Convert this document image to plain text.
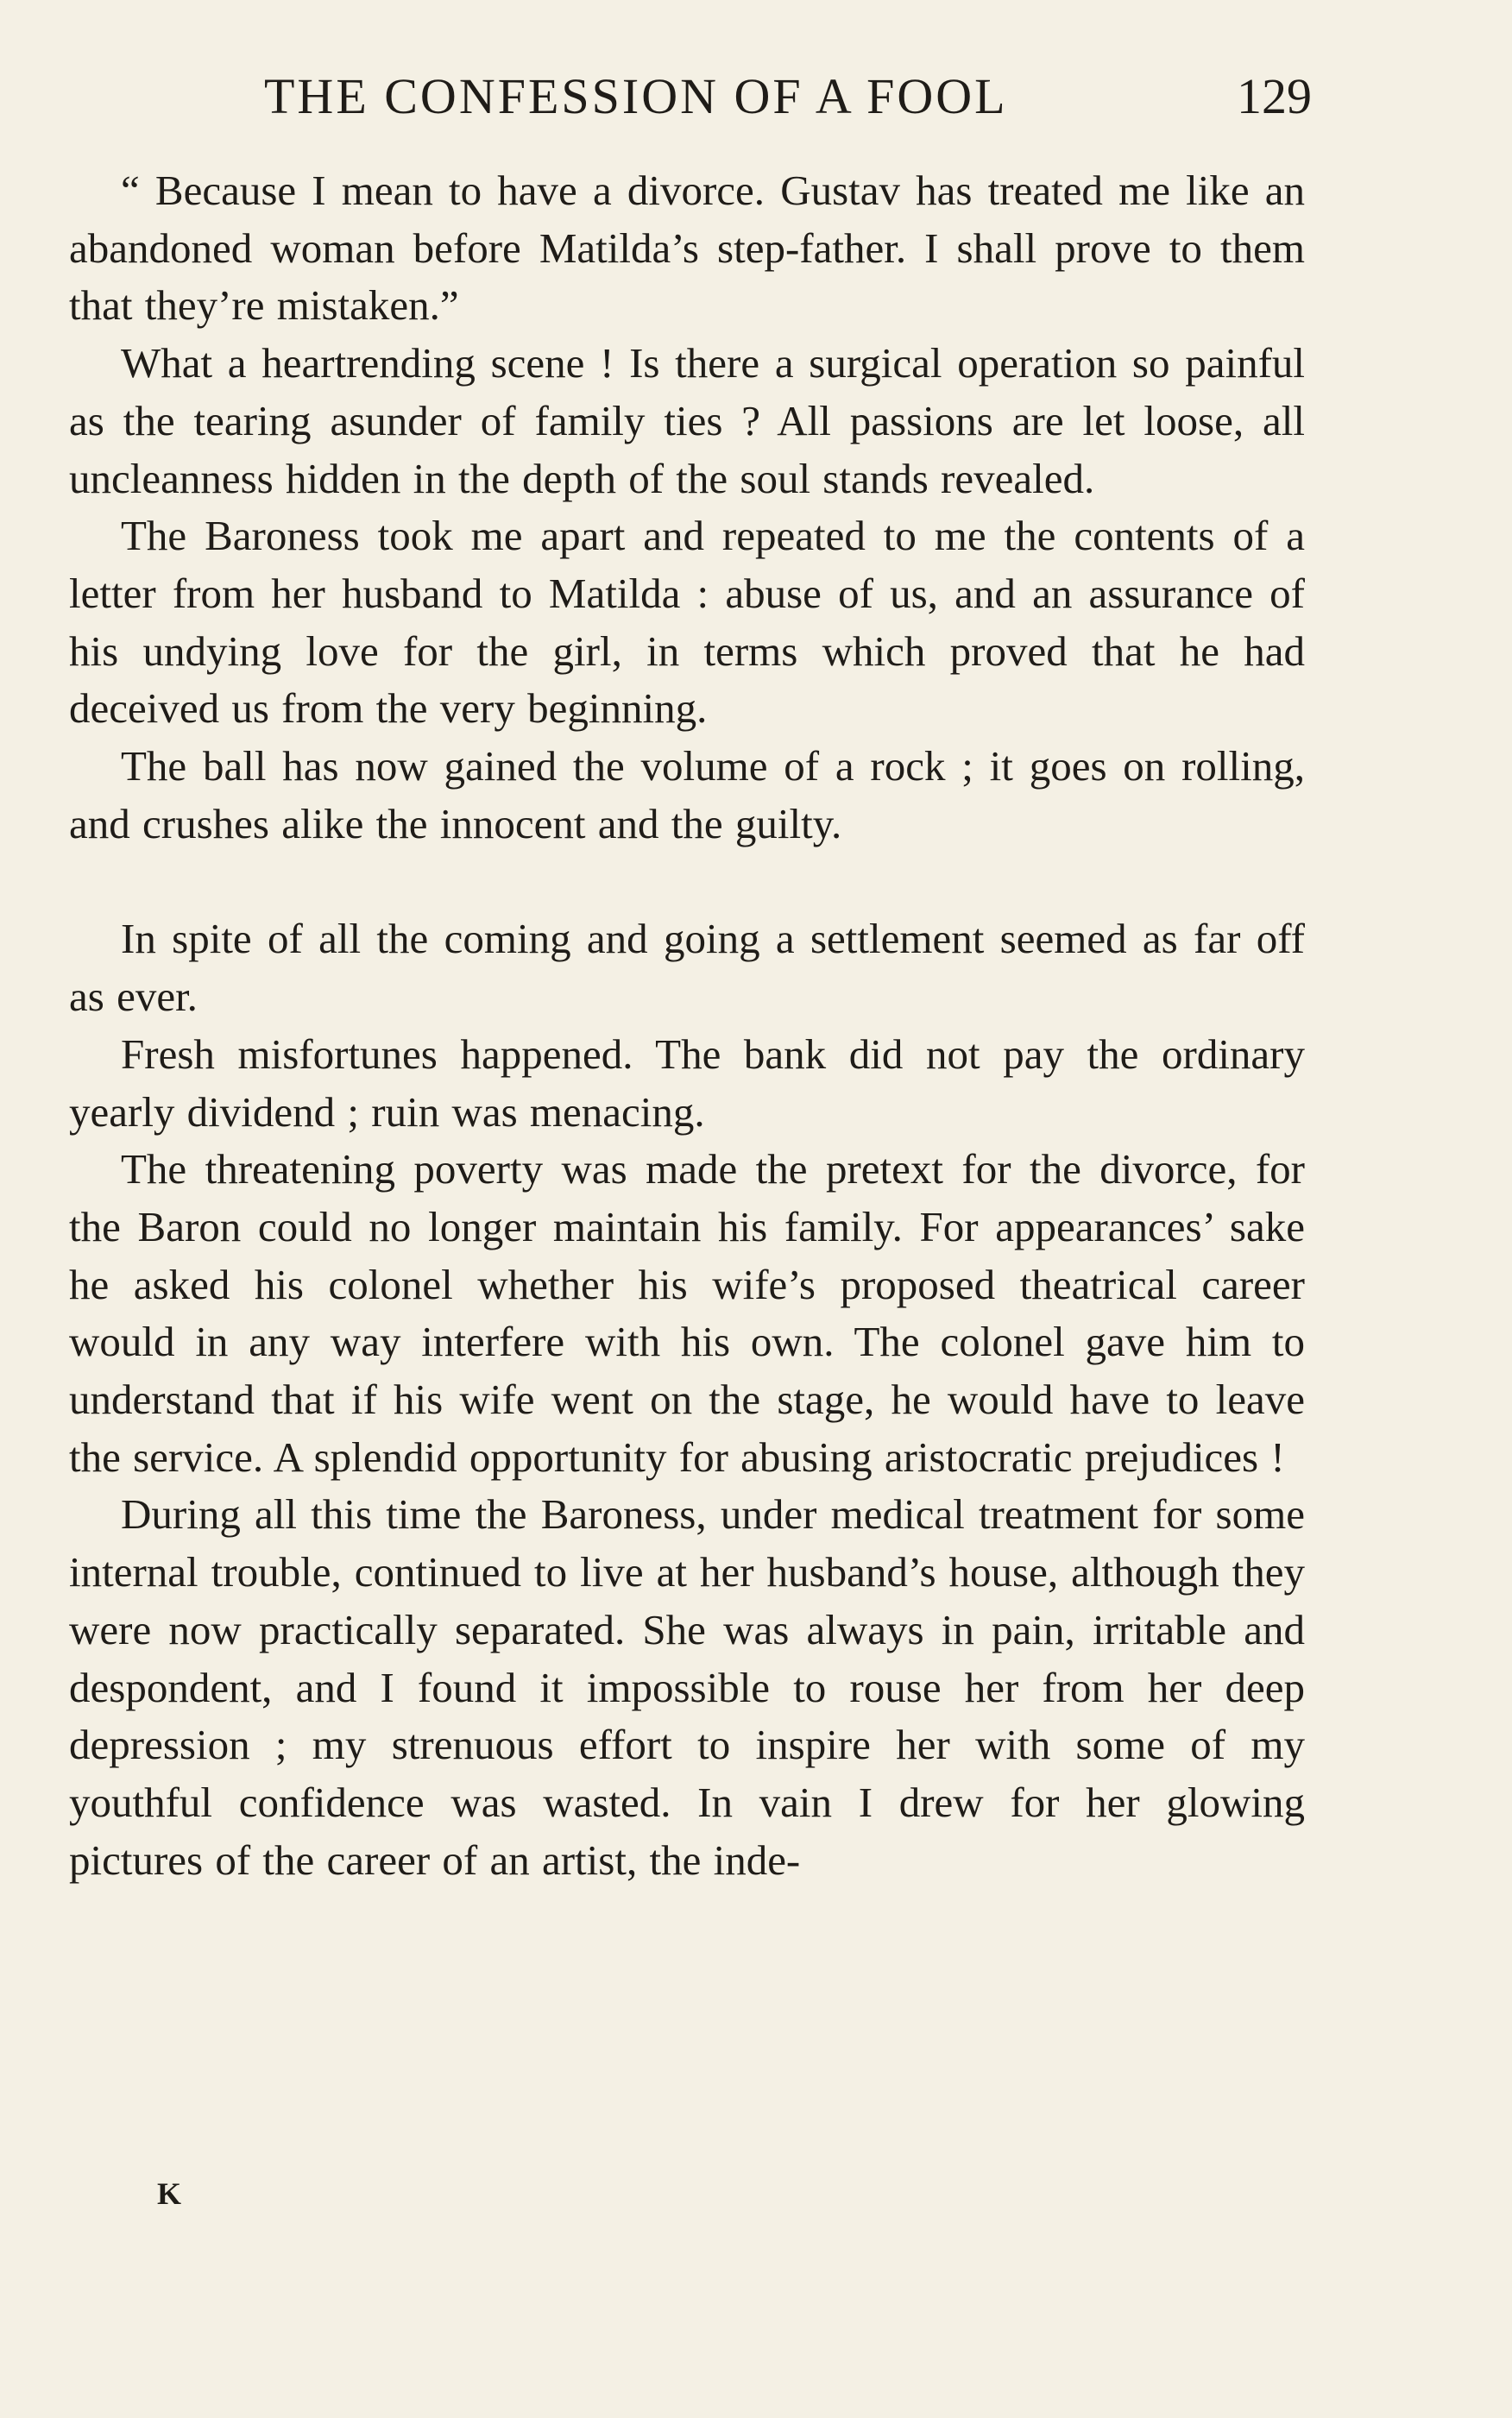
THE CONFESSION OF A FOOL	129

“ Because I mean to have a divorce. Gustav has treated me like an abandoned woman before Matilda’s step-father. I shall prove to them that they’re mistaken.”

What a heartrending scene ! Is there a surgical operation so painful as the tearing asunder of family ties ? All passions are let loose, all uncleanness hidden in the depth of the soul stands revealed.

The Baroness took me apart and repeated to me the contents of a letter from her husband to Matilda : abuse of us, and an assurance of his undying love for the girl, in terms which proved that he had deceived us from the very beginning.

The ball has now gained the volume of a rock ; it goes on rolling, and crushes alike the innocent and the guilty.

In spite of all the coming and going a settlement seemed as far off as ever.

Fresh misfortunes happened. The bank did not pay the ordinary yearly dividend ; ruin was menacing.

The threatening poverty was made the pretext for the divorce, for the Baron could no longer maintain his family. For appearances’ sake he asked his colonel whether his wife’s proposed theatrical career would in any way interfere with his own. The colonel gave him to understand that if his wife went on the stage, he would have to leave the service. A splendid opportunity for abusing aristocratic prejudices !

During all this time the Baroness, under medical treatment for some internal trouble, continued to live at her husband’s house, although they were now practically separated. She was always in pain, irritable and despondent, and I found it impossible to rouse her from her deep depression ; my strenuous effort to inspire her with some of my youthful confidence was wasted. In vain I drew for her glowing pictures of the career of an artist, the inde-

K
